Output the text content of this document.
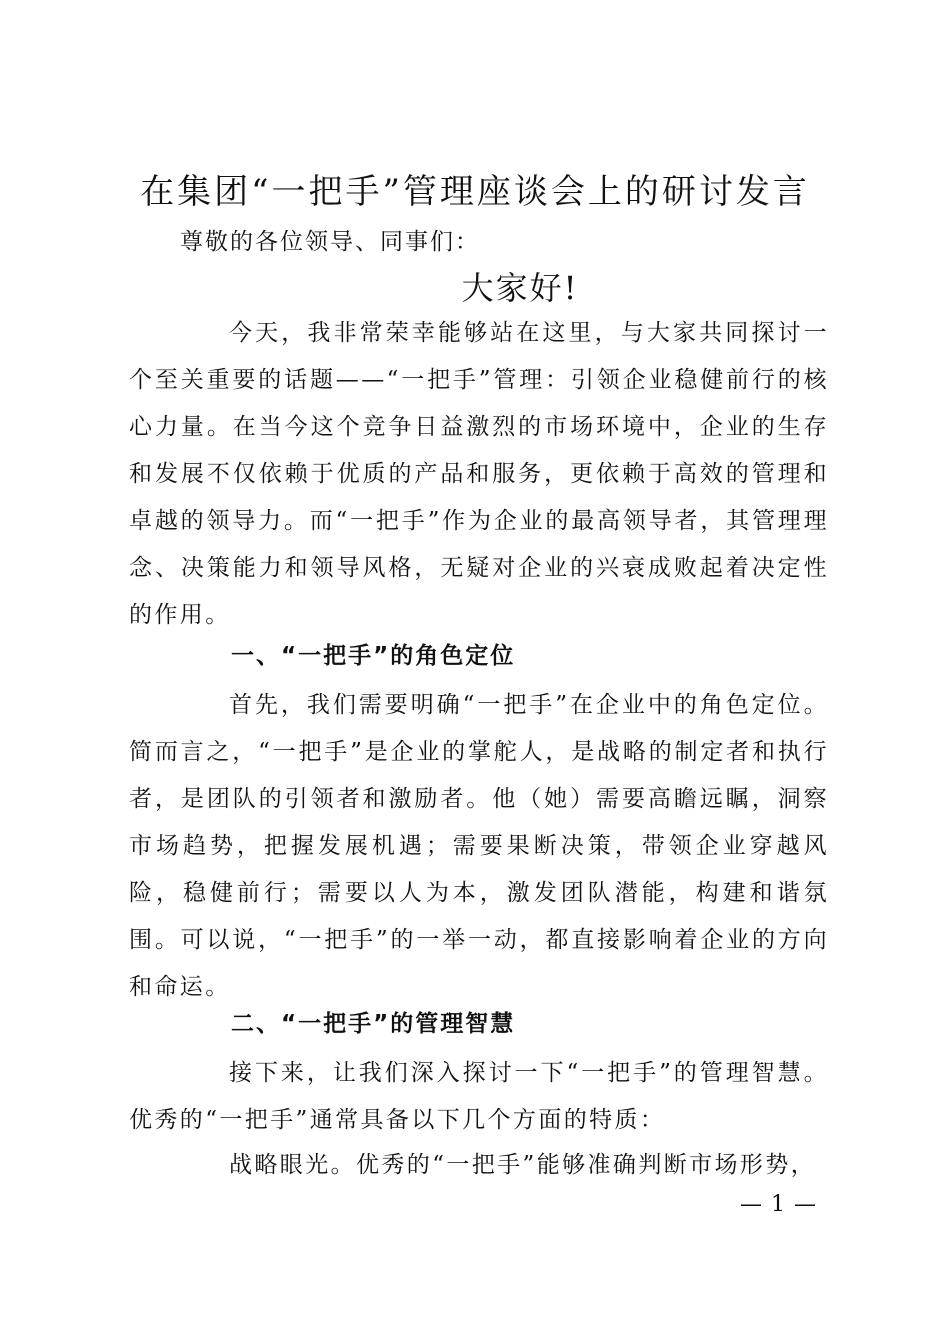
在集团“一把手”管理座谈会上的研讨发言

尊敬的各位领导、同事们：

大家好!

今天，我非常荣幸能够站在这里，与大家共同探讨一个至关重要的话题——“一把手”管理：引领企业稳健前行的核心力量。在当今这个竞争日益激烈的市场环境中，企业的生存和发展不仅依赖于优质的产品和服务，更依赖于高效的管理和卓越的领导力。而“一把手”作为企业的最高领导者，其管理理念、决策能力和领导风格，无疑对企业的兴衰成败起着决定性的作用。

一、“一把手”的角色定位

首先，我们需要明确“一把手”在企业中的角色定位。简而言之，“一把手”是企业的掌舵人，是战略的制定者和执行者，是团队的引领者和激励者。他（她）需要高瞻远瞩，洞察市场趋势，把握发展机遇；需要果断决策，带领企业穿越风险，稳健前行；需要以人为本，激发团队潜能，构建和谐氛围。可以说，“一把手”的一举一动，都直接影响着企业的方向和命运。

二、“一把手”的管理智慧

接下来，让我们深入探讨一下“一把手”的管理智慧。优秀的“一把手”通常具备以下几个方面的特质：

战略眼光。优秀的“一把手”能够准确判断市场形势，

— 1 —
